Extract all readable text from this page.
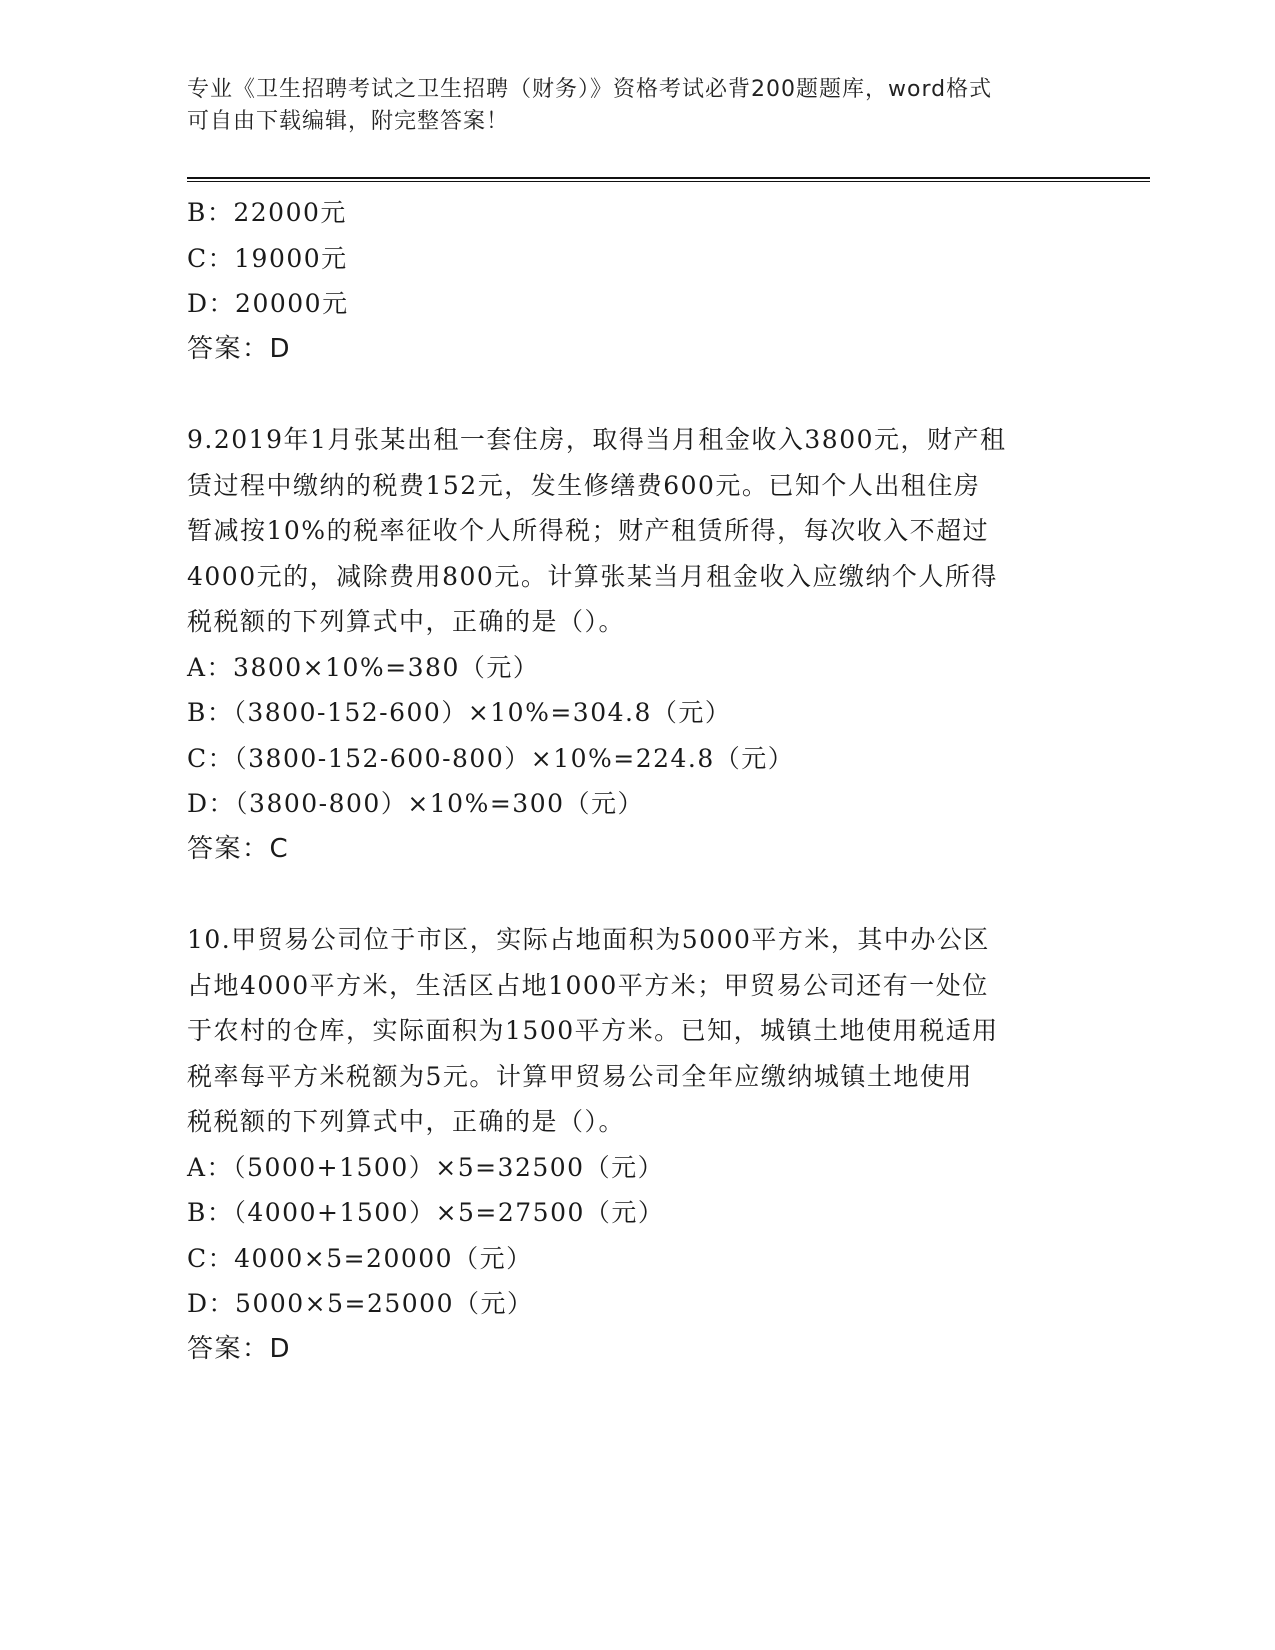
专业《卫生招聘考试之卫生招聘（财务）》资格考试必背200题题库，word格式
可自由下载编辑，附完整答案！
B：22000元
C：19000元
D：20000元
答案：D
9.2019年1月张某出租一套住房，取得当月租金收入3800元，财产租
赁过程中缴纳的税费152元，发生修缮费600元。已知个人出租住房
暂减按10%的税率征收个人所得税；财产租赁所得，每次收入不超过
4000元的，减除费用800元。计算张某当月租金收入应缴纳个人所得
税税额的下列算式中，正确的是（）。
A：3800×10%=380（元）
B：（3800-152-600）×10%=304.8（元）
C：（3800-152-600-800）×10%=224.8（元）
D：（3800-800）×10%=300（元）
答案：C
10.甲贸易公司位于市区，实际占地面积为5000平方米，其中办公区
占地4000平方米，生活区占地1000平方米；甲贸易公司还有一处位
于农村的仓库，实际面积为1500平方米。已知，城镇土地使用税适用
税率每平方米税额为5元。计算甲贸易公司全年应缴纳城镇土地使用
税税额的下列算式中，正确的是（）。
A：（5000+1500）×5=32500（元）
B：（4000+1500）×5=27500（元）
C：4000×5=20000（元）
D：5000×5=25000（元）
答案：D
